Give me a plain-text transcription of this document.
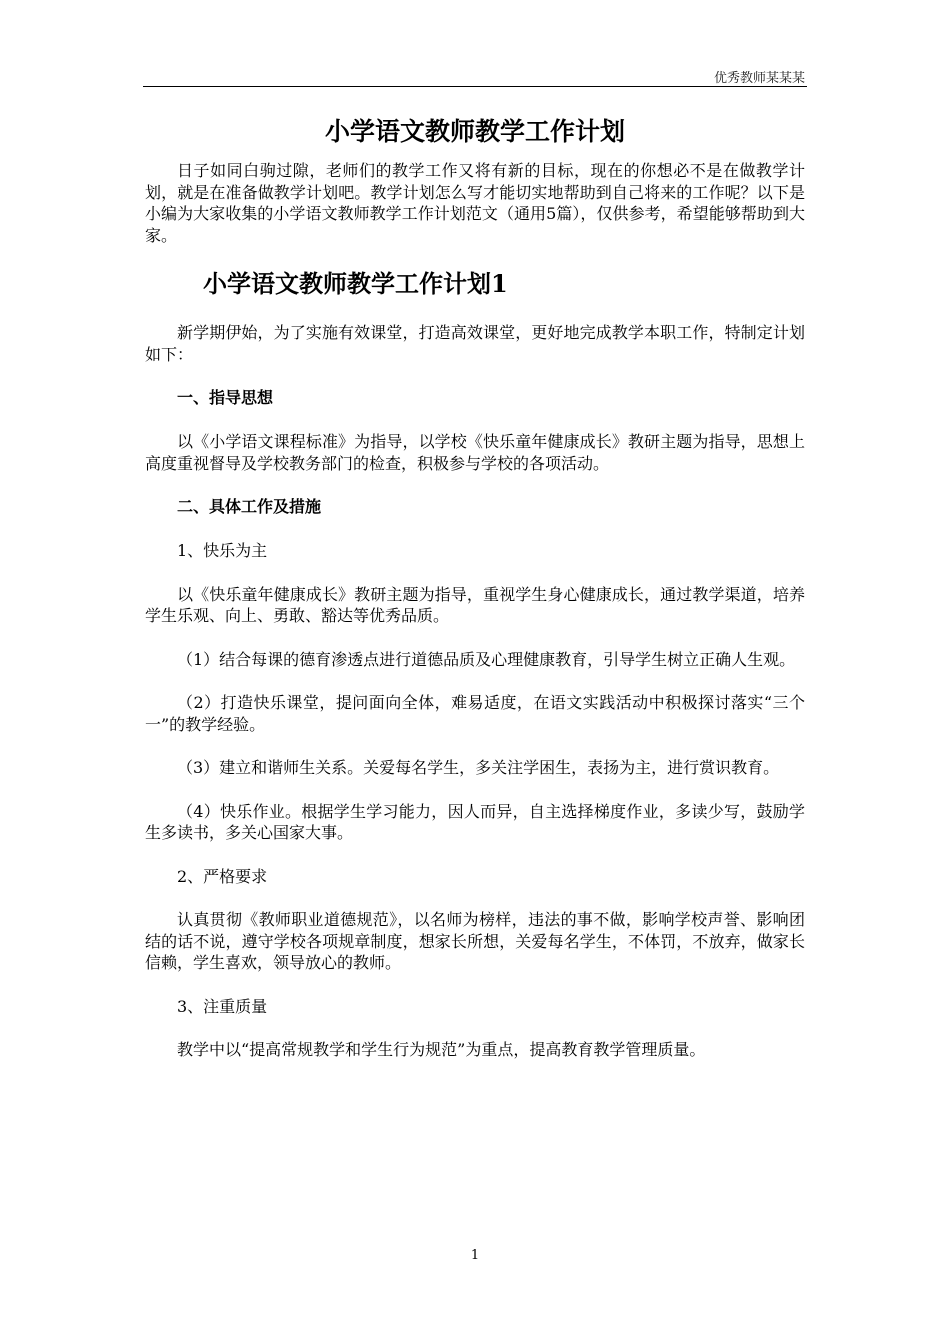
优秀教师某某某
小学语文教师教学工作计划

日子如同白驹过隙，老师们的教学工作又将有新的目标，现在的你想必不是在做教学计划，就是在准备做教学计划吧。教学计划怎么写才能切实地帮助到自己将来的工作呢？以下是小编为大家收集的小学语文教师教学工作计划范文（通用5篇），仅供参考，希望能够帮助到大家。

小学语文教师教学工作计划1

新学期伊始，为了实施有效课堂，打造高效课堂，更好地完成教学本职工作，特制定计划如下：

一、指导思想

以《小学语文课程标准》为指导，以学校《快乐童年健康成长》教研主题为指导，思想上高度重视督导及学校教务部门的检查，积极参与学校的各项活动。

二、具体工作及措施

1、快乐为主

以《快乐童年健康成长》教研主题为指导，重视学生身心健康成长，通过教学渠道，培养学生乐观、向上、勇敢、豁达等优秀品质。

（1）结合每课的德育渗透点进行道德品质及心理健康教育，引导学生树立正确人生观。

（2）打造快乐课堂，提问面向全体，难易适度，在语文实践活动中积极探讨落实“三个一”的教学经验。

（3）建立和谐师生关系。关爱每名学生，多关注学困生，表扬为主，进行赏识教育。

（4）快乐作业。根据学生学习能力，因人而异，自主选择梯度作业，多读少写，鼓励学生多读书，多关心国家大事。

2、严格要求

认真贯彻《教师职业道德规范》，以名师为榜样，违法的事不做，影响学校声誉、影响团结的话不说，遵守学校各项规章制度，想家长所想，关爱每名学生，不体罚，不放弃，做家长信赖，学生喜欢，领导放心的教师。

3、注重质量

教学中以“提高常规教学和学生行为规范”为重点，提高教育教学管理质量。

1
